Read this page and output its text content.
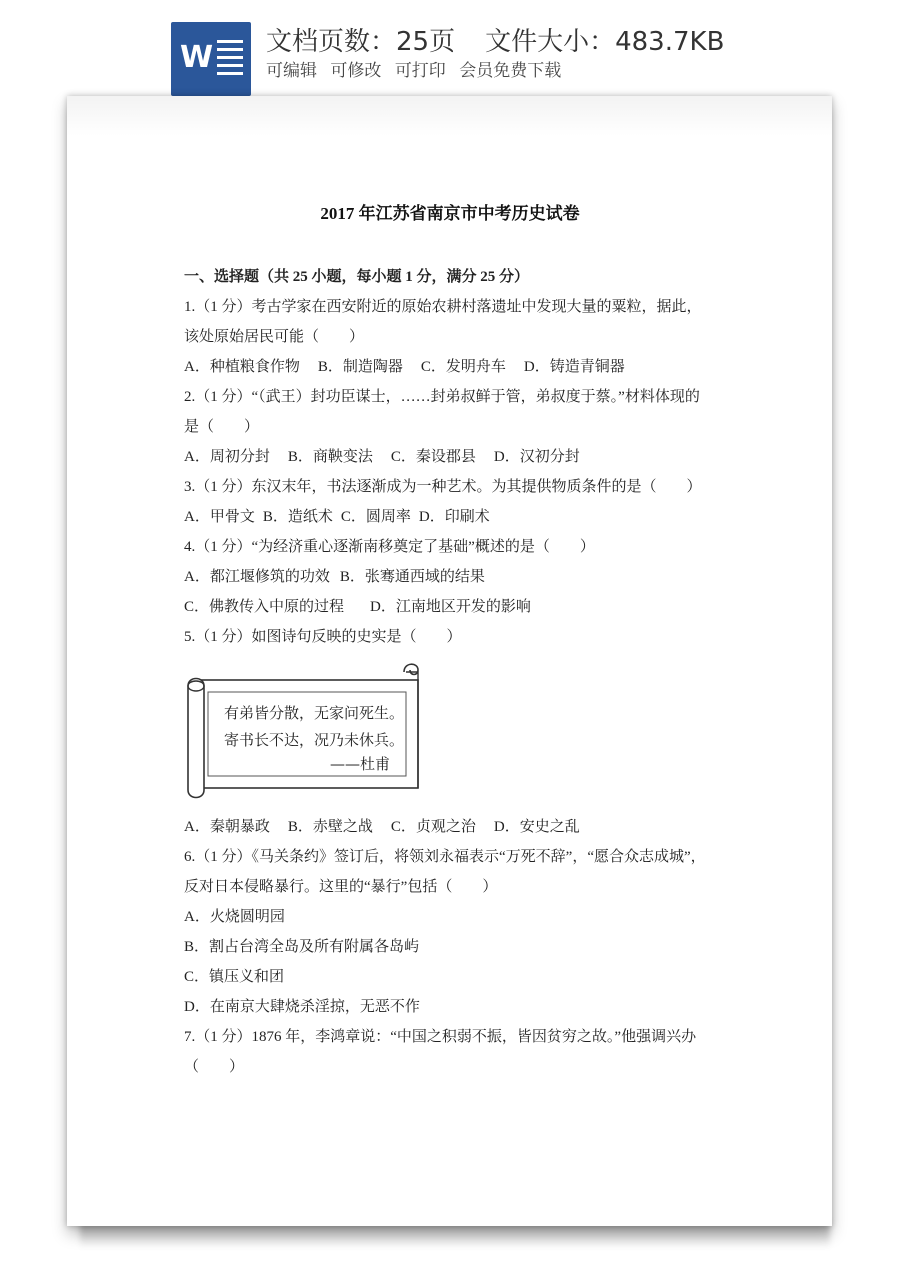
W 文档页数：25页 文件大小：483.7KB
可编辑 可修改 可打印 会员免费下载
2017 年江苏省南京市中考历史试卷
一、选择题（共 25 小题，每小题 1 分，满分 25 分）
1.（1 分）考古学家在西安附近的原始农耕村落遗址中发现大量的粟粒，据此，
该处原始居民可能（　　）
A．种植粮食作物 B．制造陶器 C．发明舟车 D．铸造青铜器
2.（1 分）“（武王）封功臣谋士，……封弟叔鲜于管，弟叔度于蔡。”材料体现的
是（　　）
A．周初分封 B．商鞅变法 C．秦设郡县 D．汉初分封
3.（1 分）东汉末年，书法逐渐成为一种艺术。为其提供物质条件的是（　　）
A．甲骨文 B．造纸术 C．圆周率 D．印刷术
4.（1 分）“为经济重心逐渐南移奠定了基础”概述的是（　　）
A．都江堰修筑的功效 B．张骞通西域的结果
C．佛教传入中原的过程 D．江南地区开发的影响
5.（1 分）如图诗句反映的史实是（　　）
有弟皆分散，无家问死生。
寄书长不达，况乃未休兵。
——杜甫
A．秦朝暴政 B．赤壁之战 C．贞观之治 D．安史之乱
6.（1 分）《马关条约》签订后，将领刘永福表示“万死不辞”，“愿合众志成城”，
反对日本侵略暴行。这里的“暴行”包括（　　）
A．火烧圆明园
B．割占台湾全岛及所有附属各岛屿
C．镇压义和团
D．在南京大肆烧杀淫掠，无恶不作
7.（1 分）1876 年，李鸿章说：“中国之积弱不振，皆因贫穷之故。”他强调兴办
（　　）
